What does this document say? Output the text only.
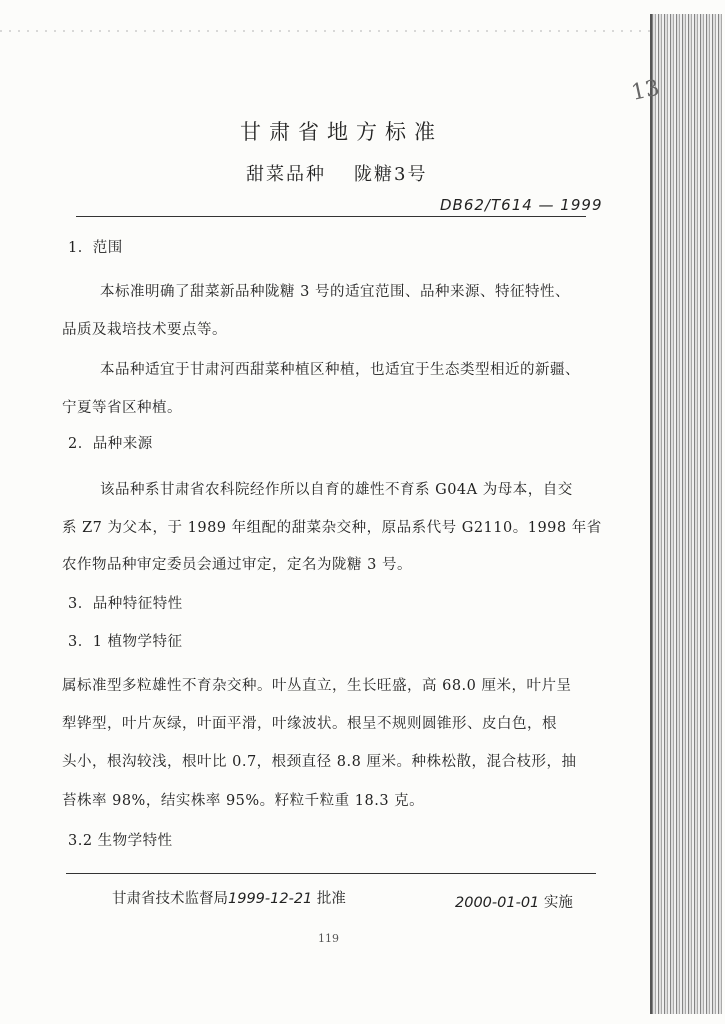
13
甘肃省地方标准
甜菜品种 陇糖3号
DB62/T614 — 1999
1．范围
本标准明确了甜菜新品种陇糖 3 号的适宜范围、品种来源、特征特性、
品质及栽培技术要点等。
本品种适宜于甘肃河西甜菜种植区种植，也适宜于生态类型相近的新疆、
宁夏等省区种植。
2．品种来源
该品种系甘肃省农科院经作所以自育的雄性不育系 G04A 为母本，自交
系 Z7 为父本，于 1989 年组配的甜菜杂交种，原品系代号 G2110。1998 年省
农作物品种审定委员会通过审定，定名为陇糖 3 号。
3．品种特征特性
3．1 植物学特征
属标准型多粒雄性不育杂交种。叶丛直立，生长旺盛，高 68.0 厘米，叶片呈
犁铧型，叶片灰绿，叶面平滑，叶缘波状。根呈不规则圆锥形、皮白色，根
头小，根沟较浅，根叶比 0.7，根颈直径 8.8 厘米。种株松散，混合枝形，抽
苔株率 98%，结实株率 95%。籽粒千粒重 18.3 克。
3.2 生物学特性
甘肃省技术监督局1999-12-21 批准	2000-01-01 实施
119
